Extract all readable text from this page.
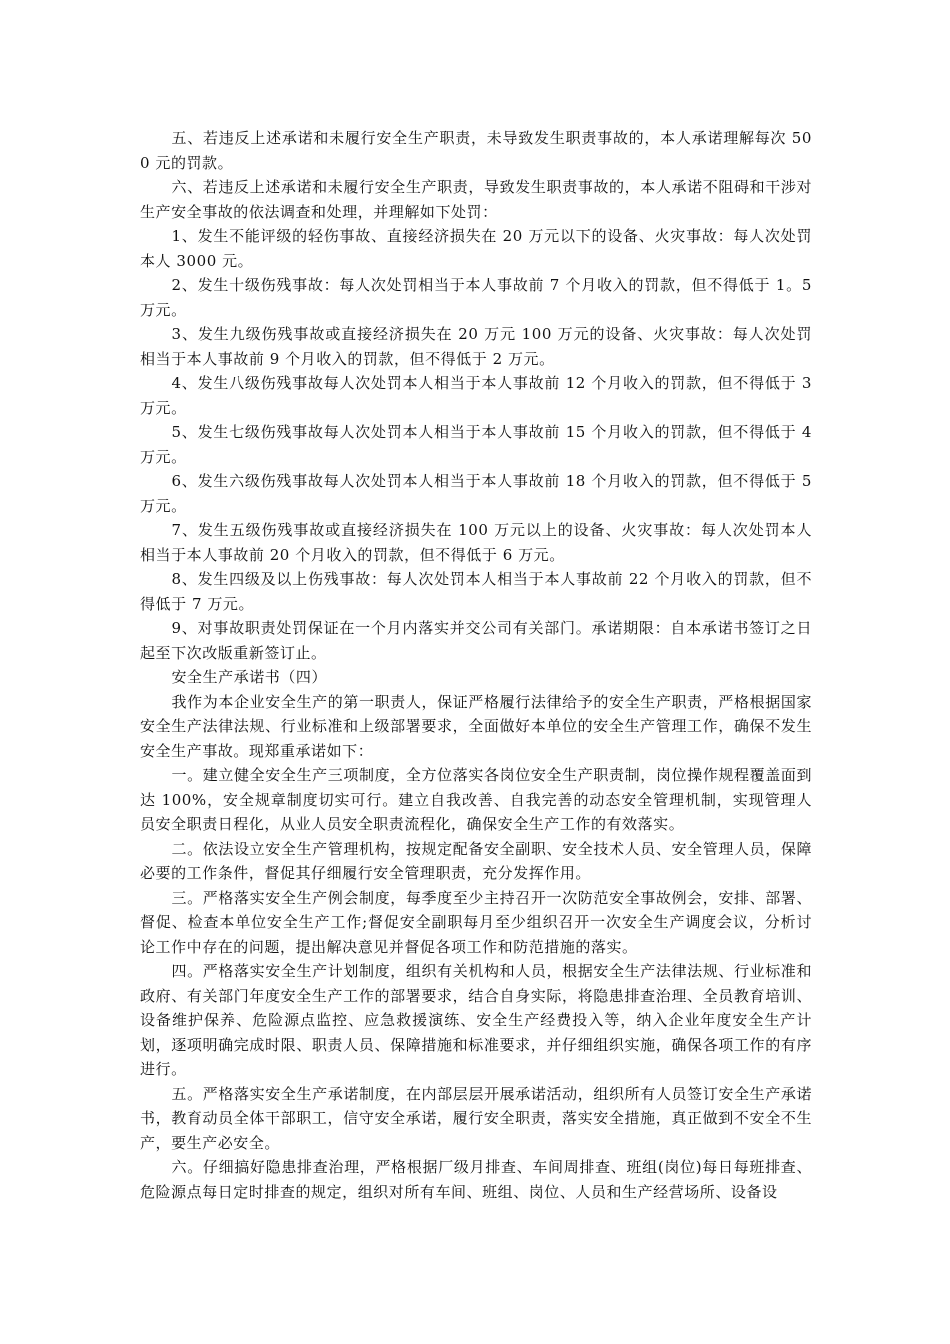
五、若违反上述承诺和未履行安全生产职责，未导致发生职责事故的，本人承诺理解每次 500 元的罚款。

六、若违反上述承诺和未履行安全生产职责，导致发生职责事故的，本人承诺不阻碍和干涉对生产安全事故的依法调查和处理，并理解如下处罚：

1、发生不能评级的轻伤事故、直接经济损失在 20 万元以下的设备、火灾事故：每人次处罚本人 3000 元。

2、发生十级伤残事故：每人次处罚相当于本人事故前 7 个月收入的罚款，但不得低于 1。5 万元。

3、发生九级伤残事故或直接经济损失在 20 万元 100 万元的设备、火灾事故：每人次处罚相当于本人事故前 9 个月收入的罚款，但不得低于 2 万元。

4、发生八级伤残事故每人次处罚本人相当于本人事故前 12 个月收入的罚款，但不得低于 3 万元。

5、发生七级伤残事故每人次处罚本人相当于本人事故前 15 个月收入的罚款，但不得低于 4 万元。

6、发生六级伤残事故每人次处罚本人相当于本人事故前 18 个月收入的罚款，但不得低于 5 万元。

7、发生五级伤残事故或直接经济损失在 100 万元以上的设备、火灾事故：每人次处罚本人相当于本人事故前 20 个月收入的罚款，但不得低于 6 万元。

8、发生四级及以上伤残事故：每人次处罚本人相当于本人事故前 22 个月收入的罚款，但不得低于 7 万元。

9、对事故职责处罚保证在一个月内落实并交公司有关部门。承诺期限：自本承诺书签订之日起至下次改版重新签订止。

安全生产承诺书（四）

我作为本企业安全生产的第一职责人，保证严格履行法律给予的安全生产职责，严格根据国家安全生产法律法规、行业标准和上级部署要求，全面做好本单位的安全生产管理工作，确保不发生安全生产事故。现郑重承诺如下：

一。建立健全安全生产三项制度，全方位落实各岗位安全生产职责制，岗位操作规程覆盖面到达 100%，安全规章制度切实可行。建立自我改善、自我完善的动态安全管理机制，实现管理人员安全职责日程化，从业人员安全职责流程化，确保安全生产工作的有效落实。

二。依法设立安全生产管理机构，按规定配备安全副职、安全技术人员、安全管理人员，保障必要的工作条件，督促其仔细履行安全管理职责，充分发挥作用。

三。严格落实安全生产例会制度，每季度至少主持召开一次防范安全事故例会，安排、部署、督促、检查本单位安全生产工作;督促安全副职每月至少组织召开一次安全生产调度会议，分析讨论工作中存在的问题，提出解决意见并督促各项工作和防范措施的落实。

四。严格落实安全生产计划制度，组织有关机构和人员，根据安全生产法律法规、行业标准和政府、有关部门年度安全生产工作的部署要求，结合自身实际，将隐患排查治理、全员教育培训、设备维护保养、危险源点监控、应急救援演练、安全生产经费投入等，纳入企业年度安全生产计划，逐项明确完成时限、职责人员、保障措施和标准要求，并仔细组织实施，确保各项工作的有序进行。

五。严格落实安全生产承诺制度，在内部层层开展承诺活动，组织所有人员签订安全生产承诺书，教育动员全体干部职工，信守安全承诺，履行安全职责，落实安全措施，真正做到不安全不生产，要生产必安全。

六。仔细搞好隐患排查治理，严格根据厂级月排查、车间周排查、班组(岗位)每日每班排查、危险源点每日定时排查的规定，组织对所有车间、班组、岗位、人员和生产经营场所、设备设
